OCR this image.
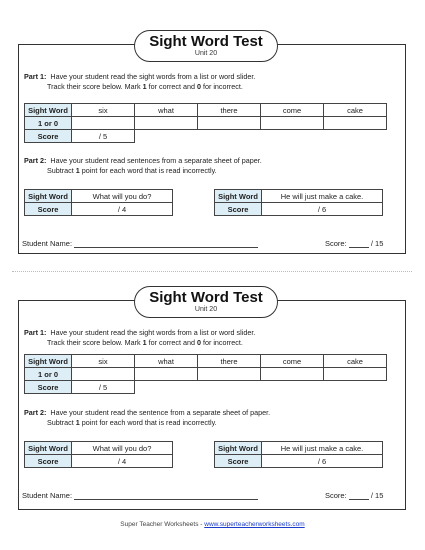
Part 1: Have your student read the sight words from a list or word slider.
Track their score below. Mark 1 for correct and 0 for incorrect.
Sight Word	six	what	there	come	cake
1 or 0					
Score	/ 5				
Part 2: Have your student read sentences from a separate sheet of paper.
Subtract 1 point for each word that is read incorrectly.
Sight Word	What will you do?
Score	/ 4
Sight Word	He will just make a cake.
Score	/ 6
Student Name:	Score:	/ 15
Sight Word Test
Unit 20
Part 1: Have your student read the sight words from a list or word slider.
Track their score below. Mark 1 for correct and 0 for incorrect.
Sight Word	six	what	there	come	cake
1 or 0					
Score	/ 5				
Part 2: Have your student read the sentence from a separate sheet of paper.
Subtract 1 point for each word that is read incorrectly.
Sight Word	What will you do?
Score	/ 4
Sight Word	He will just make a cake.
Score	/ 6
Student Name:	Score:	/ 15
Sight Word Test
Unit 20
Super Teacher Worksheets - www.superteacherworksheets.com
